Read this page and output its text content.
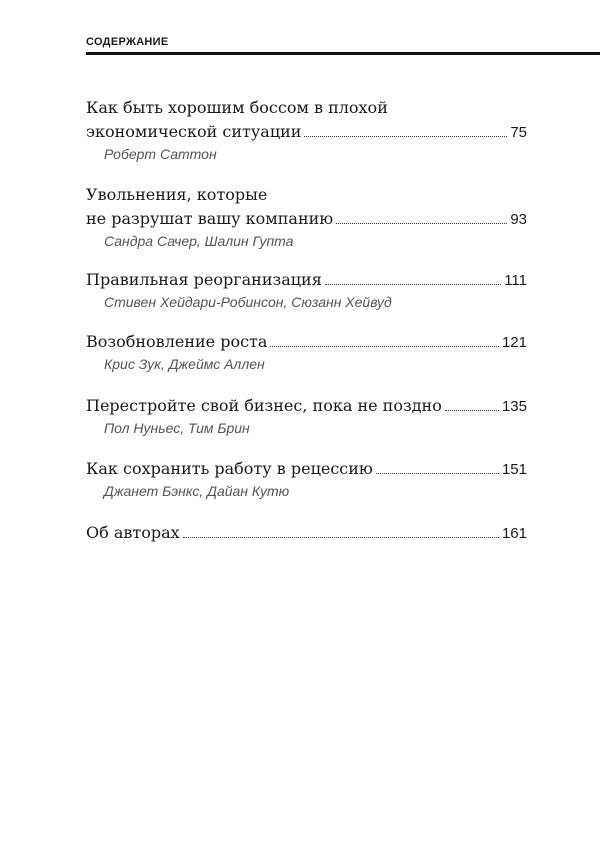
СОДЕРЖАНИЕ
Как быть хорошим боссом в плохой
экономической ситуации	75
Роберт Саттон
Увольнения, которые
не разрушат вашу компанию	93
Сандра Сачер, Шалин Гупта
Правильная реорганизация	111
Стивен Хейдари-Робинсон, Сюзанн Хейвуд
Возобновление роста	121
Крис Зук, Джеймс Аллен
Перестройте свой бизнес, пока не поздно	135
Пол Нуньес, Тим Брин
Как сохранить работу в рецессию	151
Джанет Бэнкс, Дайан Кутю
Об авторах	161
